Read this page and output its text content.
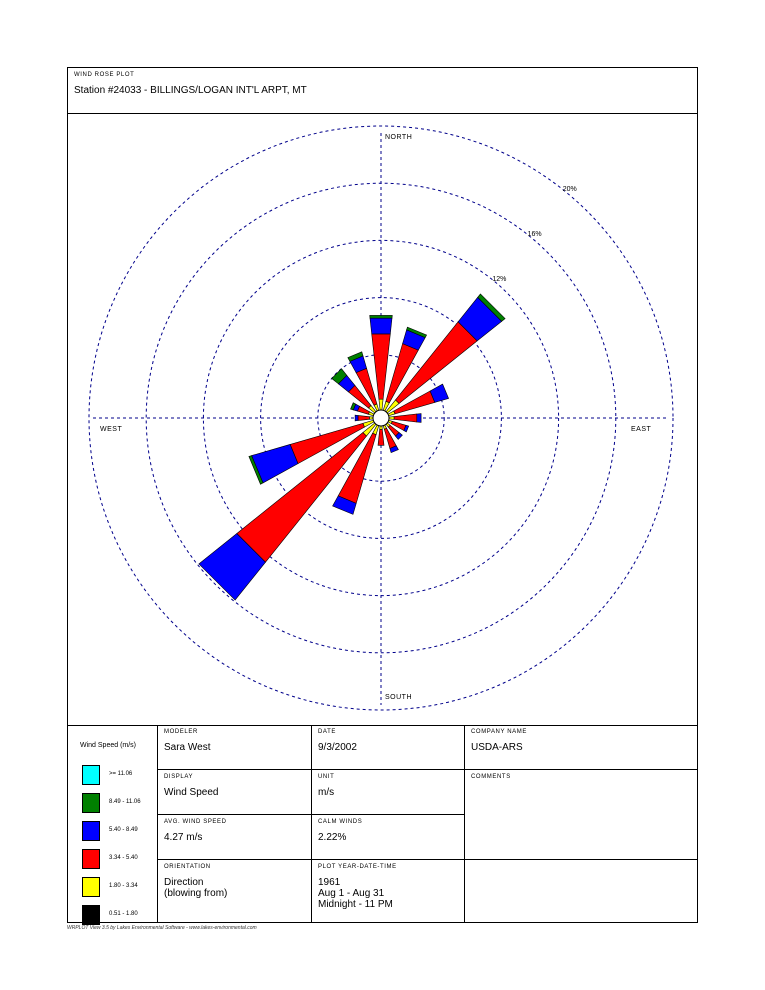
WIND ROSE PLOT
Station #24033 - BILLINGS/LOGAN INT'L ARPT, MT
12%
16%
20%
NORTH
SOUTH
WEST	EAST
Wind Speed (m/s)
>= 11.06
8.49 - 11.06
5.40 - 8.49
3.34 - 5.40
1.80 - 3.34
0.51 - 1.80
MODELER
Sara West
DATE
9/3/2002
COMPANY NAME
USDA-ARS
DISPLAY
Wind Speed
UNIT
m/s
COMMENTS
AVG. WIND SPEED
4.27 m/s
CALM WINDS
2.22%
ORIENTATION
Direction
(blowing from)
PLOT YEAR-DATE-TIME
1961
Aug 1 - Aug 31
Midnight - 11 PM
WRPLOT View 3.5 by Lakes Environmental Software - www.lakes-environmental.com
